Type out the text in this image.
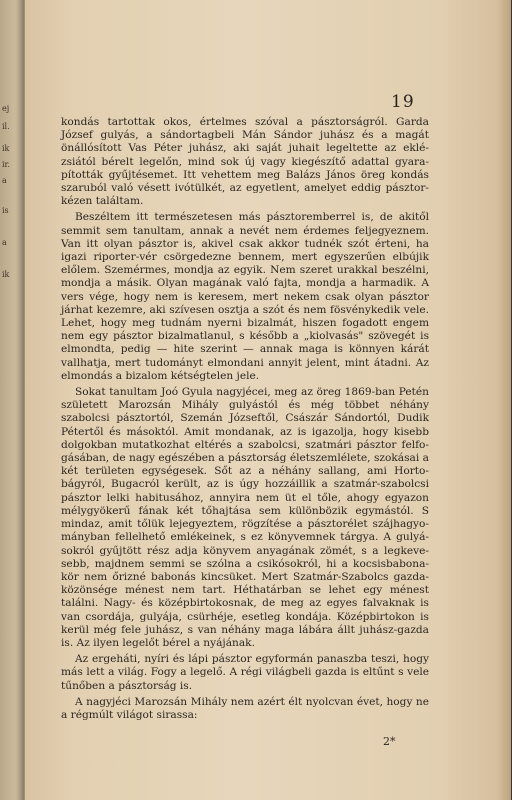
ej
il.
ik
ir.
a
is
a
ik
19

kondás tartottak okos, értelmes szóval a pásztorságról. Garda József gulyás, a sándortagbeli Mán Sándor juhász és a magát önállósított Vas Péter juhász, aki saját juhait legeltette az eklé-zsiától bérelt legelőn, mind sok új vagy kiegészítő adattal gyara-pították gyűjtésemet. Itt vehettem meg Balázs János öreg kondás szaruból való vésett ivótülkét, az egyetlent, amelyet eddig pásztor-kézen találtam.

Beszéltem itt természetesen más pásztoremberrel is, de akitől semmit sem tanultam, annak a nevét nem érdemes feljegyeznem. Van itt olyan pásztor is, akivel csak akkor tudnék szót érteni, ha igazi riporter-vér csörgedezne bennem, mert egyszerűen elbújik előlem. Szemérmes, mondja az egyik. Nem szeret urakkal beszélni, mondja a másik. Olyan magának való fajta, mondja a harmadik. A vers vége, hogy nem is keresem, mert nekem csak olyan pásztor járhat kezemre, aki szívesen osztja a szót és nem fösvénykedik vele. Lehet, hogy meg tudnám nyerni bizalmát, hiszen fogadott engem nem egy pásztor bizalmatlanul, s később a „kiolvasás" szövegét is elmondta, pedig — hite szerint — annak maga is könnyen kárát vallhatja, mert tudományt elmondani annyit jelent, mint átadni. Az elmondás a bizalom kétségtelen jele.

Sokat tanultam Joó Gyula nagyjécei, meg az öreg 1869-ban Petén született Marozsán Mihály gulyástól és még többet néhány szabolcsi pásztortól, Szemán Józseftől, Császár Sándortól, Dudik Pétertől és másoktól. Amit mondanak, az is igazolja, hogy kisebb dolgokban mutatkozhat eltérés a szabolcsi, szatmári pásztor felfo-gásában, de nagy egészében a pásztorság életszemlélete, szokásai a két területen egységesek. Sőt az a néhány sallang, ami Horto-bágyról, Bugacról került, az is úgy hozzáillik a szatmár-szabolcsi pásztor lelki habitusához, annyira nem üt el tőle, ahogy egyazon mélygyökerű fának két tőhajtása sem különbözik egymástól. S mindaz, amit tőlük lejegyeztem, rögzítése a pásztorélet szájhagyo-mányban fellelhető emlékeinek, s ez könyvemnek tárgya. A gulyá-sokról gyűjtött rész adja könyvem anyagának zömét, s a legkeve-sebb, majdnem semmi se szólna a csikósokról, hi a kocsisbabona-kör nem őrizné babonás kincsüket. Mert Szatmár-Szabolcs gazda-közönsége ménest nem tart. Héthatárban se lehet egy ménest találni. Nagy- és középbirtokosnak, de meg az egyes falvaknak is van csordája, gulyája, csürhéje, esetleg kondája. Középbirtokon is kerül még fele juhász, s van néhány maga lábára állt juhász-gazda is. Az ilyen legelőt bérel a nyájának.

Az ergeháti, nyíri és lápi pásztor egyformán panaszba teszi, hogy más lett a világ. Fogy a legelő. A régi világbeli gazda is eltűnt s vele tűnőben a pásztorság is.

A nagyjéci Marozsán Mihály nem azért élt nyolcvan évet, hogy ne a régmúlt világot sirassa:

2*
